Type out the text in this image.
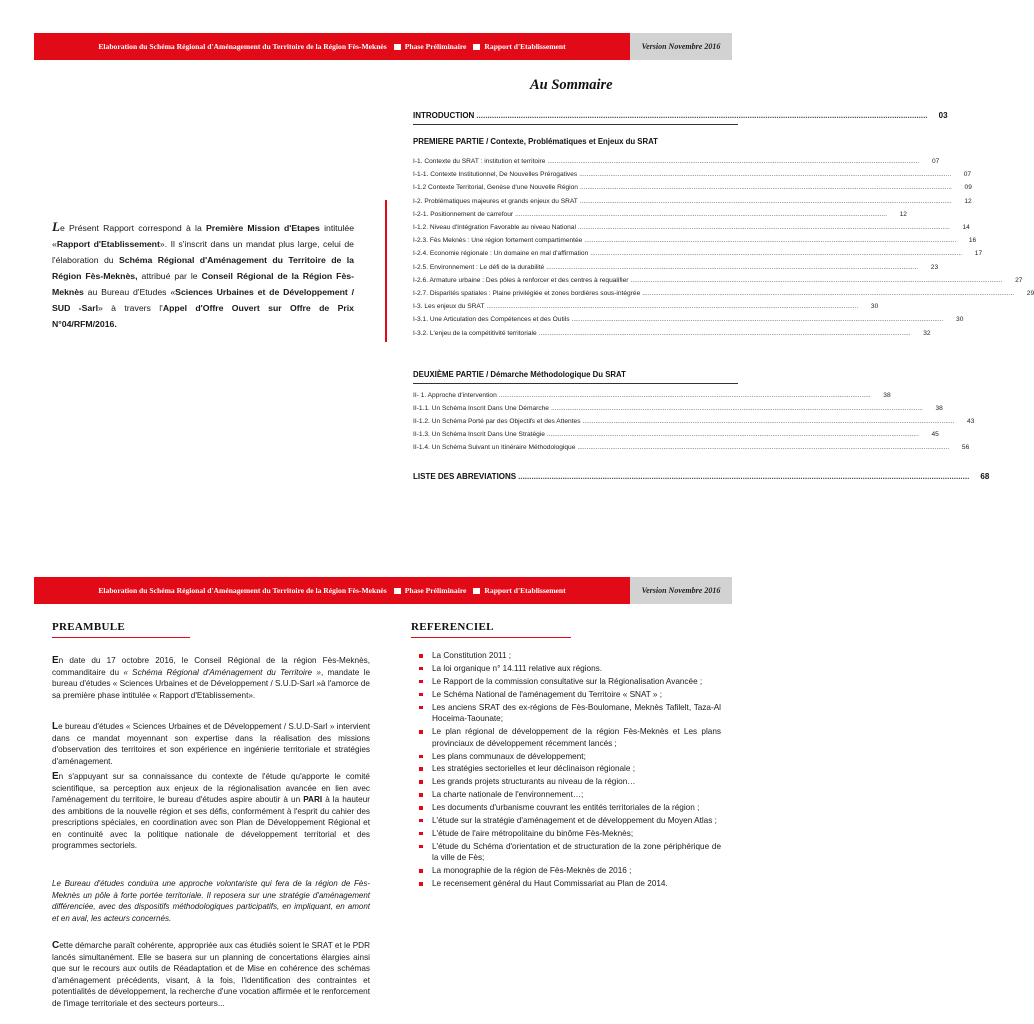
Elaboration du Schéma Régional d'Aménagement du Territoire de la Région Fès-Meknès Phase Préliminaire Rapport d'Etablissement	Version Novembre 2016
Au Sommaire
INTRODUCTION .....	03
PREMIERE PARTIE / Contexte, Problématiques et Enjeux du SRAT
I-1. Contexte du SRAT : institution et territoire .....	07
I-1-1. Contexte Institutionnel, De Nouvelles Prérogatives .....	07
I-1.2 Contexte Territorial, Genèse d'une Nouvelle Région .....	09
I-2. Problématiques majeures et grands enjeux du SRAT .....	12
I-2-1. Positionnement de carrefour .....	12
I-1.2. Niveau d'Intégration Favorable au niveau National .....	14
I-2.3. Fès Meknès : Une région fortement compartimentée .....	16
I-2.4. Economie régionale : Un domaine en mal d'affirmation .....	17
I-2.5. Environnement : Le défi de la durabilité .....	23
I-2.6. Armature urbaine : Des pôles à renforcer et des centres à requalifier .....	27
I-2.7. Disparités spatiales : Plaine privilégiée et zones bordières sous-intégrée .....	29
I-3. Les enjeux du SRAT .....	30
I-3.1. Une Articulation des Compétences et des Outils .....	30
I-3.2. L'enjeu de la compétitivité territoriale .....	32
DEUXIÈME PARTIE / Démarche Méthodologique Du SRAT
II- 1. Approche d'intervention .....	38
II-1.1. Un Schéma Inscrit Dans Une Démarche .....	38
II-1.2. Un Schéma Porté par des Objectifs et des Attentes .....	43
II-1.3. Un Schéma Inscrit Dans Une Stratégie .....	45
II-1.4. Un Schéma Suivant un Itinéraire Méthodologique .....	56
LISTE DES ABREVIATIONS .....	68
Le Présent Rapport correspond à la Première Mission d'Etapes intitulée «Rapport d'Etablissement». Il s'inscrit dans un mandat plus large, celui de l'élaboration du Schéma Régional d'Aménagement du Territoire de la Région Fès-Meknès, attribué par le Conseil Régional de la Région Fès-Meknès au Bureau d'Etudes «Sciences Urbaines et de Développement / SUD -Sarl» à travers l'Appel d'Offre Ouvert sur Offre de Prix N°04/RFM/2016.
Elaboration du Schéma Régional d'Aménagement du Territoire de la Région Fès-Meknès Phase Préliminaire Rapport d'Etablissement	Version Novembre 2016
PREAMBULE
En date du 17 octobre 2016, le Conseil Régional de la région Fès-Meknès, commanditaire du « Schéma Régional d'Aménagement du Territoire », mandate le bureau d'études « Sciences Urbaines et de Développement / S.U.D-Sarl »à l'amorce de sa première phase intitulée « Rapport d'Etablissement».
Le bureau d'études « Sciences Urbaines et de Développement / S.U.D-Sarl » intervient dans ce mandat moyennant son expertise dans la réalisation des missions d'observation des territoires et son expérience en ingénierie territoriale et stratégies d'aménagement.
En s'appuyant sur sa connaissance du contexte de l'étude qu'apporte le comité scientifique, sa perception aux enjeux de la régionalisation avancée en lien avec l'aménagement du territoire, le bureau d'études aspire aboutir à un PARI à la hauteur des ambitions de la nouvelle région et ses défis, conformément à l'esprit du cahier des prescriptions spéciales, en coordination avec son Plan de Développement Régional et en continuité avec la politique nationale de développement territorial et des programmes sectoriels.
Le Bureau d'études conduira une approche volontariste qui fera de la région de Fès- Meknès un pôle à forte portée territoriale. Il reposera sur une stratégie d'aménagement différenciée, avec des dispositifs méthodologiques participatifs, en impliquant, en amont et en aval, les acteurs concernés.
Cette démarche paraît cohérente, appropriée aux cas étudiés soient le SRAT et le PDR lancés simultanément. Elle se basera sur un planning de concertations élargies ainsi que sur le recours aux outils de Réadaptation et de Mise en cohérence des schémas d'aménagement précédents, visant, à la fois, l'identification des contraintes et potentialités de développement, la recherche d'une vocation affirmée et le renforcement de l'image territoriale et des secteurs porteurs...
REFERENCIEL
La Constitution 2011 ;
La loi organique n° 14.111 relative aux régions.
Le Rapport de la commission consultative sur la Régionalisation Avancée ;
Le Schéma National de l'aménagement du Territoire « SNAT » ;
Les anciens SRAT des ex-régions de Fès-Boulomane, Meknès Tafilelt, Taza-Al Hoceima-Taounate;
Le plan régional de développement de la région Fès-Meknès et Les plans provinciaux de développement récemment lancés ;
Les plans communaux de développement;
Les stratégies sectorielles et leur déclinaison régionale ;
Les grands projets structurants au niveau de la région…
La charte nationale de l'environnement…;
Les documents d'urbanisme couvrant les entités territoriales de la région ;
L'étude sur la stratégie d'aménagement et de développement du Moyen Atlas ;
L'étude de l'aire métropolitaine du binôme Fès-Meknès;
L'étude du Schéma d'orientation et de structuration de la zone périphérique de la ville de Fès;
La monographie de la région de Fès-Meknès de 2016 ;
Le recensement général du Haut Commissariat au Plan de 2014.
